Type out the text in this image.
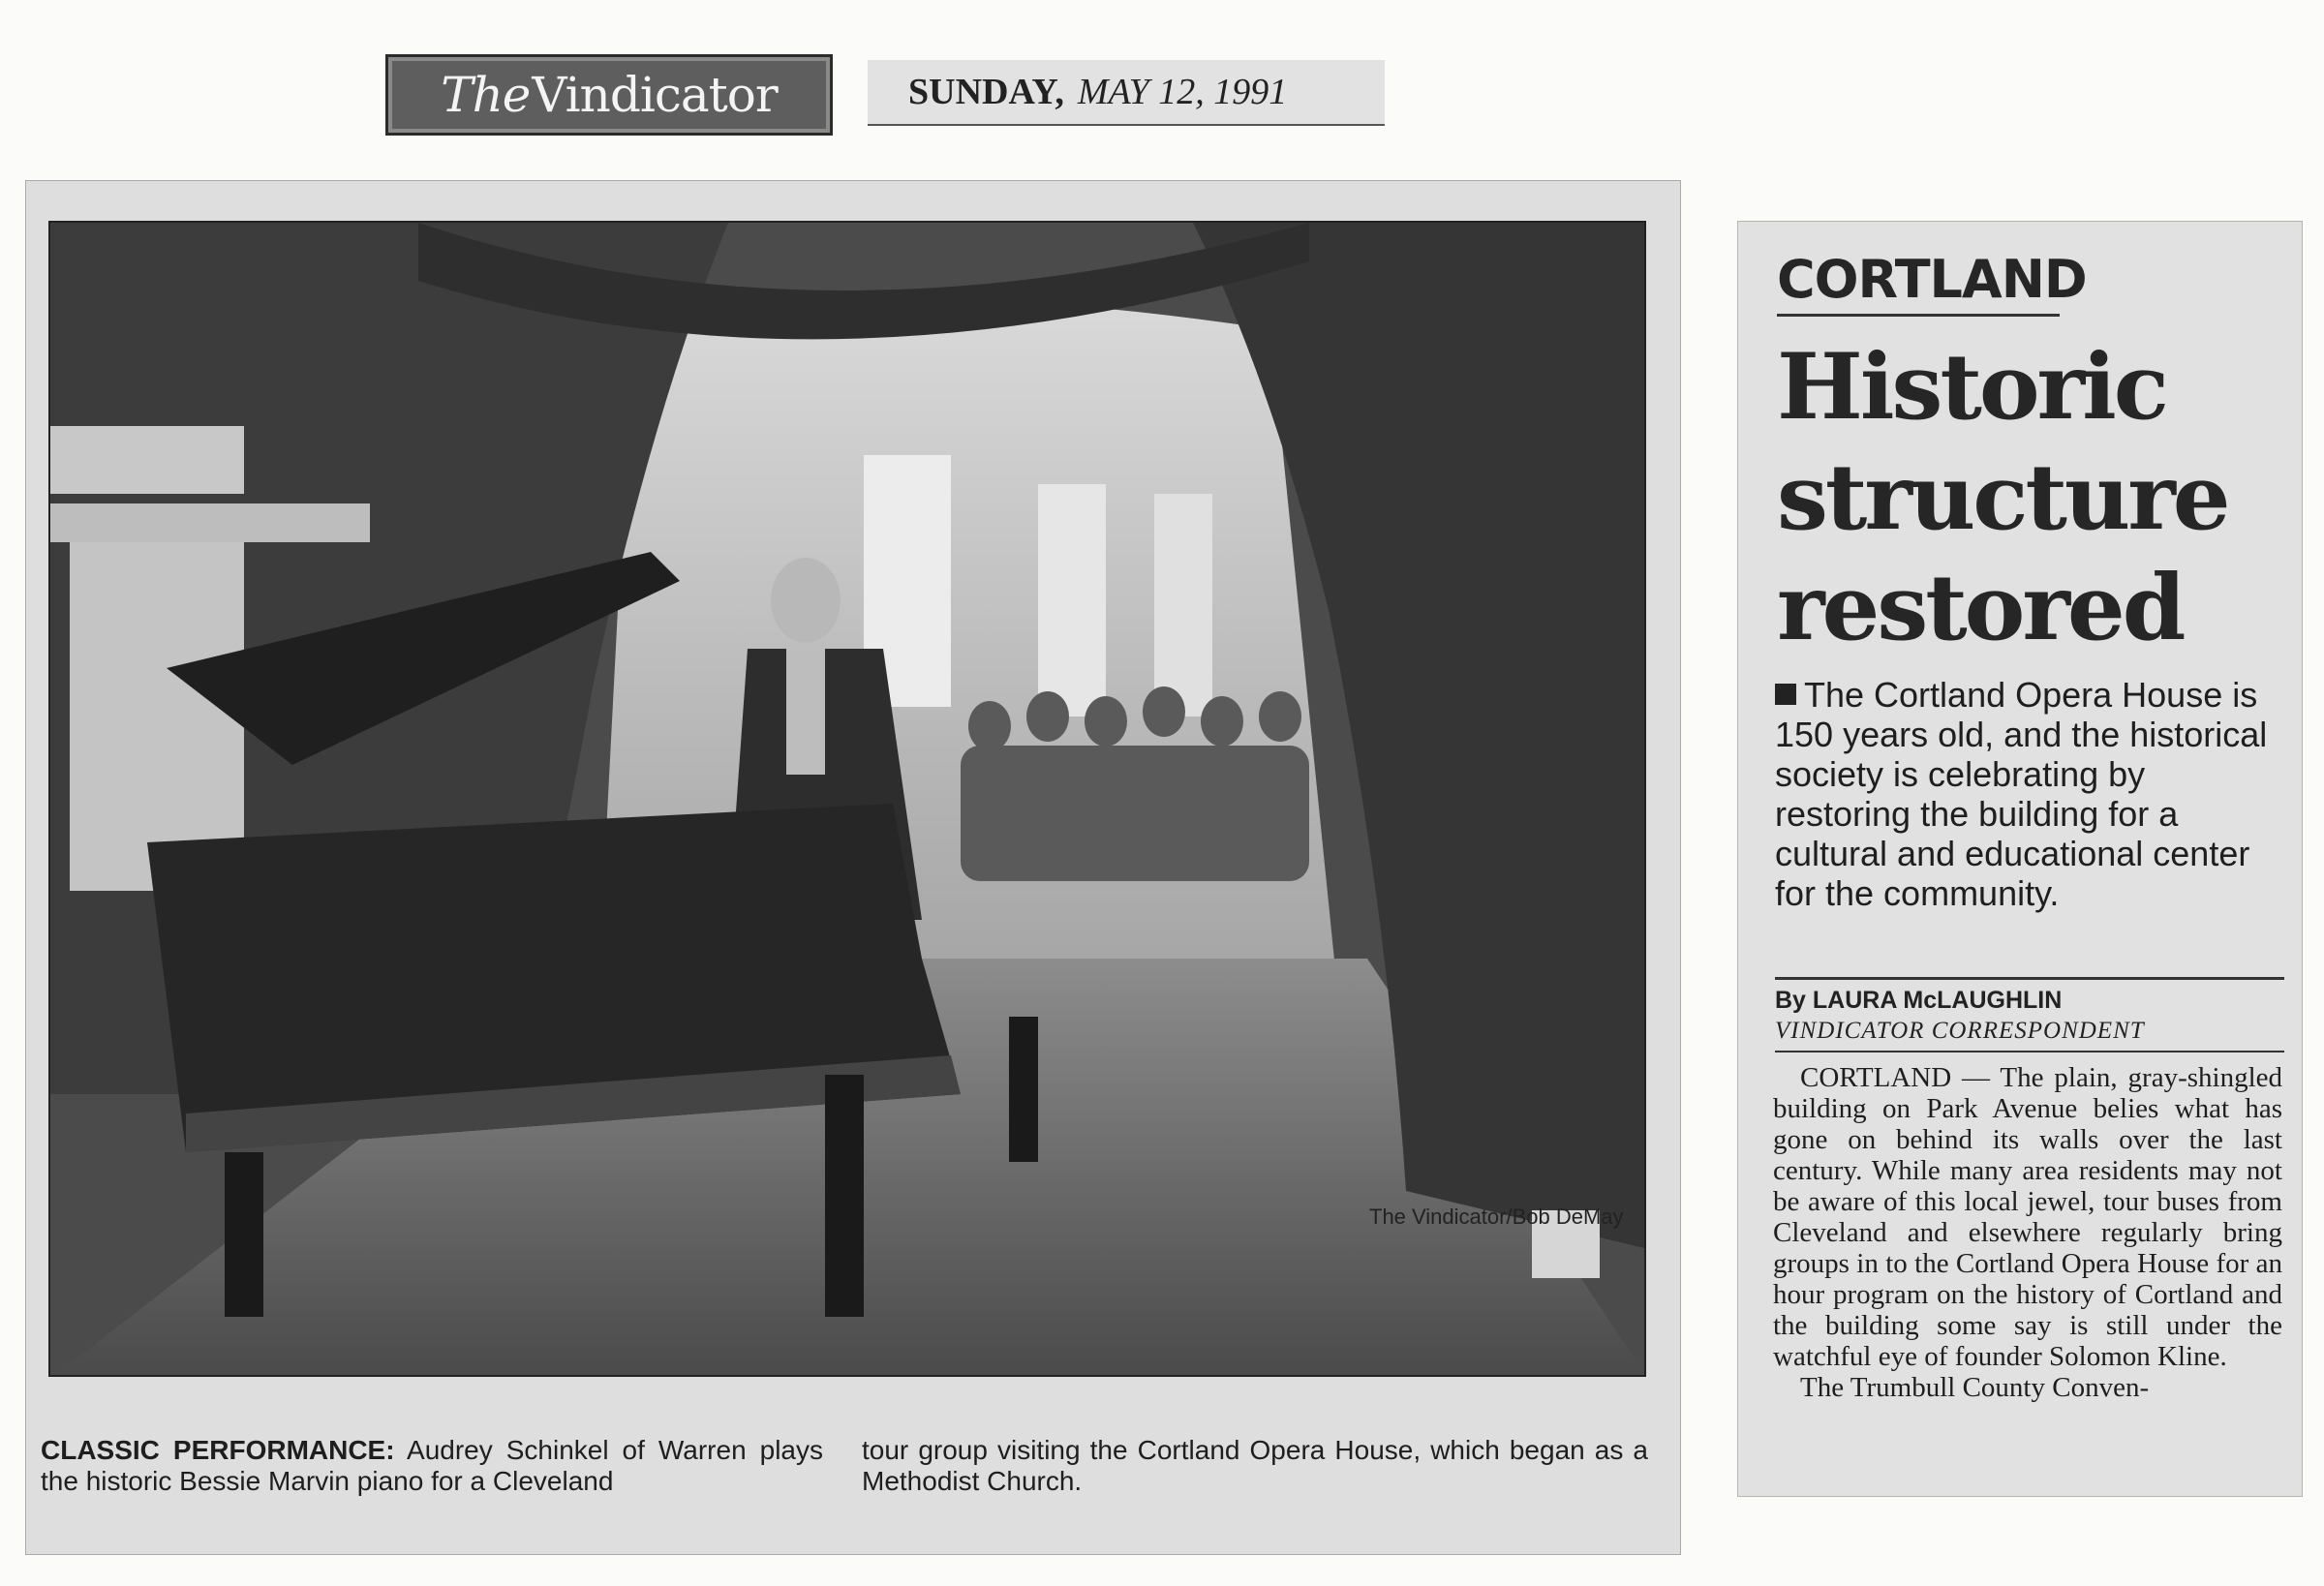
The Vindicator	SUNDAY, MAY 12, 1991
The Vindicator/Bob DeMay
CLASSIC PERFORMANCE: Audrey Schinkel of Warren plays the historic Bessie Marvin piano for a Cleveland
tour group visiting the Cortland Opera House, which began as a Methodist Church.
CORTLAND
Historic structure restored
The Cortland Opera House is 150 years old, and the historical society is celebrating by restoring the building for a cultural and educational center for the community.
By LAURA McLAUGHLIN
VINDICATOR CORRESPONDENT

CORTLAND — The plain, gray-shingled building on Park Avenue belies what has gone on behind its walls over the last century. While many area residents may not be aware of this local jewel, tour buses from Cleveland and elsewhere regularly bring groups in to the Cortland Opera House for an hour program on the history of Cortland and the building some say is still under the watchful eye of founder Solomon Kline.

The Trumbull County Conven-
